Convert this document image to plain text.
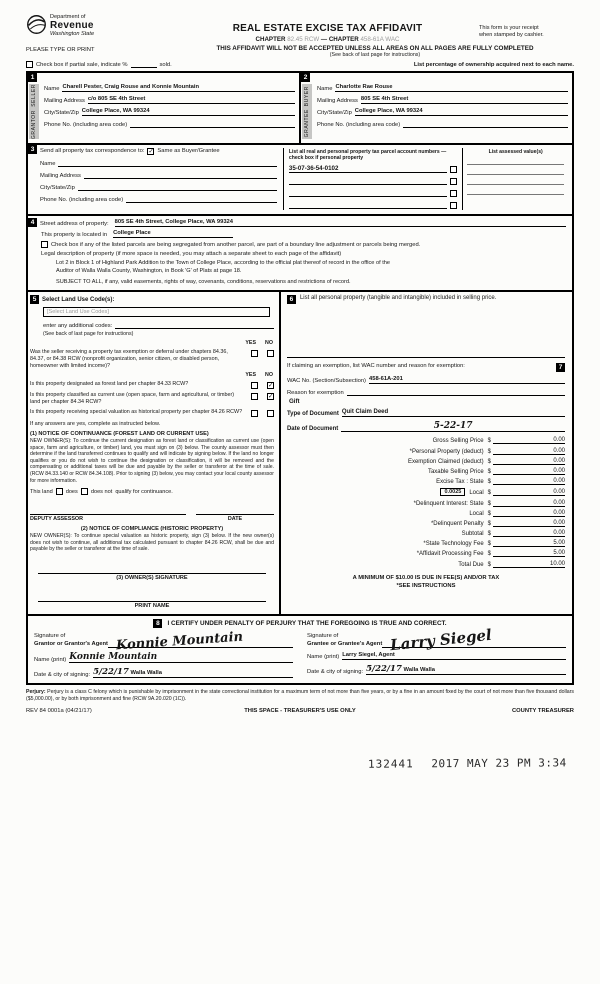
Department of
Revenue
Washington State	REAL ESTATE EXCISE TAX AFFIDAVIT
CHAPTER 82.45 RCW — CHAPTER 458-61A WAC
This form is your receipt
when stamped by cashier.
PLEASE TYPE OR PRINT	THIS AFFIDAVIT WILL NOT BE ACCEPTED UNLESS ALL AREAS ON ALL PAGES ARE FULLY COMPLETED
(See back of last page for instructions)
Check box if partial sale, indicate %	sold.	List percentage of ownership acquired next to each name.
1
SELLER
GRANTOR
Name Charell Pester, Craig Rouse and Konnie Mountain
Mailing Address c/o 805 SE 4th Street
City/State/Zip College Place, WA 99324
Phone No. (including area code)
2
BUYER
GRANTEE
Name Charlotte Rae Rouse
Mailing Address 805 SE 4th Street
City/State/Zip College Place, WA 99324
Phone No. (including area code)
3 Send all property tax correspondence to: ✓ Same as Buyer/Grantee
Name
Mailing Address
City/State/Zip
Phone No. (including area code)
List all real and personal property tax parcel account numbers — check box if personal property
35-07-36-54-0102
List assessed value(s)
4 Street address of property: 805 SE 4th Street, College Place, WA 99324
This property is located in College Place
Check box if any of the listed parcels are being segregated from another parcel, are part of a boundary line adjustment or parcels being merged.
Legal description of property (if more space is needed, you may attach a separate sheet to each page of the affidavit)
Lot 2 in Block 1 of Highland Park Addition to the Town of College Place, according to the official plat thereof of record in the office of the
Auditor of Walla Walla County, Washington, in Book 'G' of Plats at page 18.
SUBJECT TO ALL, if any, valid easements, rights of way, covenants, conditions, reservations and restrictions of record.
5 Select Land Use Code(s):
[Select Land Use Codes]
enter any additional codes:
(See back of last page for instructions)
YES NO
Was the seller receiving a property tax exemption or deferral under chapters 84.36, 84.37, or 84.38 RCW (nonprofit organization, senior citizen, or disabled person, homeowner with limited income)?
YES NO
Is this property designated as forest land per chapter 84.33 RCW?	✓
Is this property classified as current use (open space, farm and agricultural, or timber) land per chapter 84.34 RCW?
✓
Is this property receiving special valuation as historical property per chapter 84.26 RCW?
If any answers are yes, complete as instructed below.
(1) NOTICE OF CONTINUANCE (FOREST LAND OR CURRENT USE)
NEW OWNER(S): To continue the current designation as forest land or classification as current use (open space, farm and agriculture, or timber) land, you must sign on (3) below. The county assessor must then determine if the land transferred continues to qualify and will indicate by signing below. If the land no longer qualifies or you do not wish to continue the designation or classification, it will be removed and the compensating or additional taxes will be due and payable by the seller or transferor at the time of sale. (RCW 84.33.140 or RCW 84.34.108). Prior to signing (3) below, you may contact your local county assessor for more information.
This land does does not qualify for continuance.
DEPUTY ASSESSOR	DATE
(2) NOTICE OF COMPLIANCE (HISTORIC PROPERTY)
NEW OWNER(S): To continue special valuation as historic property, sign (3) below. If the new owner(s) does not wish to continue, all additional tax calculated pursuant to chapter 84.26 RCW, shall be due and payable by the seller or transferor at the time of sale.
(3) OWNER(S) SIGNATURE
PRINT NAME
6	List all personal property (tangible and intangible) included in selling price.
If claiming an exemption, list WAC number and reason for exemption:	7
WAC No. (Section/Subsection) 458-61A-201
Reason for exemption
Gift
Type of Document Quit Claim Deed
Date of Document	5-22-17
Gross Selling Price $	0.00
*Personal Property (deduct) $	0.00
Exemption Claimed (deduct) $	0.00
Taxable Selling Price $	0.00
Excise Tax : State $	0.00
0.0025	Local $	0.00
*Delinquent Interest: State $	0.00
Local $	0.00
*Delinquent Penalty $	0.00
Subtotal $	0.00
*State Technology Fee $	5.00
*Affidavit Processing Fee $	5.00
Total Due $	10.00
A MINIMUM OF $10.00 IS DUE IN FEE(S) AND/OR TAX
*SEE INSTRUCTIONS
8	I CERTIFY UNDER PENALTY OF PERJURY THAT THE FOREGOING IS TRUE AND CORRECT.
Signature of
Grantor or Grantor's Agent Konnie Mountain
Name (print) Konnie Mountain
Date & city of signing: 5/22/17 Walla Walla
Signature of
Grantee or Grantee's Agent Larry Siegel
Name (print) Larry Siegel, Agent
Date & city of signing: 5/22/17 Walla Walla
Perjury: Perjury is a class C felony which is punishable by imprisonment in the state correctional institution for a maximum term of not more than five years, or by a fine in an amount fixed by the court of not more than five thousand dollars ($5,000.00), or by both imprisonment and fine (RCW 9A.20.020 (1C)).
REV 84 0001a (04/21/17)	THIS SPACE - TREASURER'S USE ONLY	COUNTY TREASURER
132441 2017 MAY 23 PM 3:34
